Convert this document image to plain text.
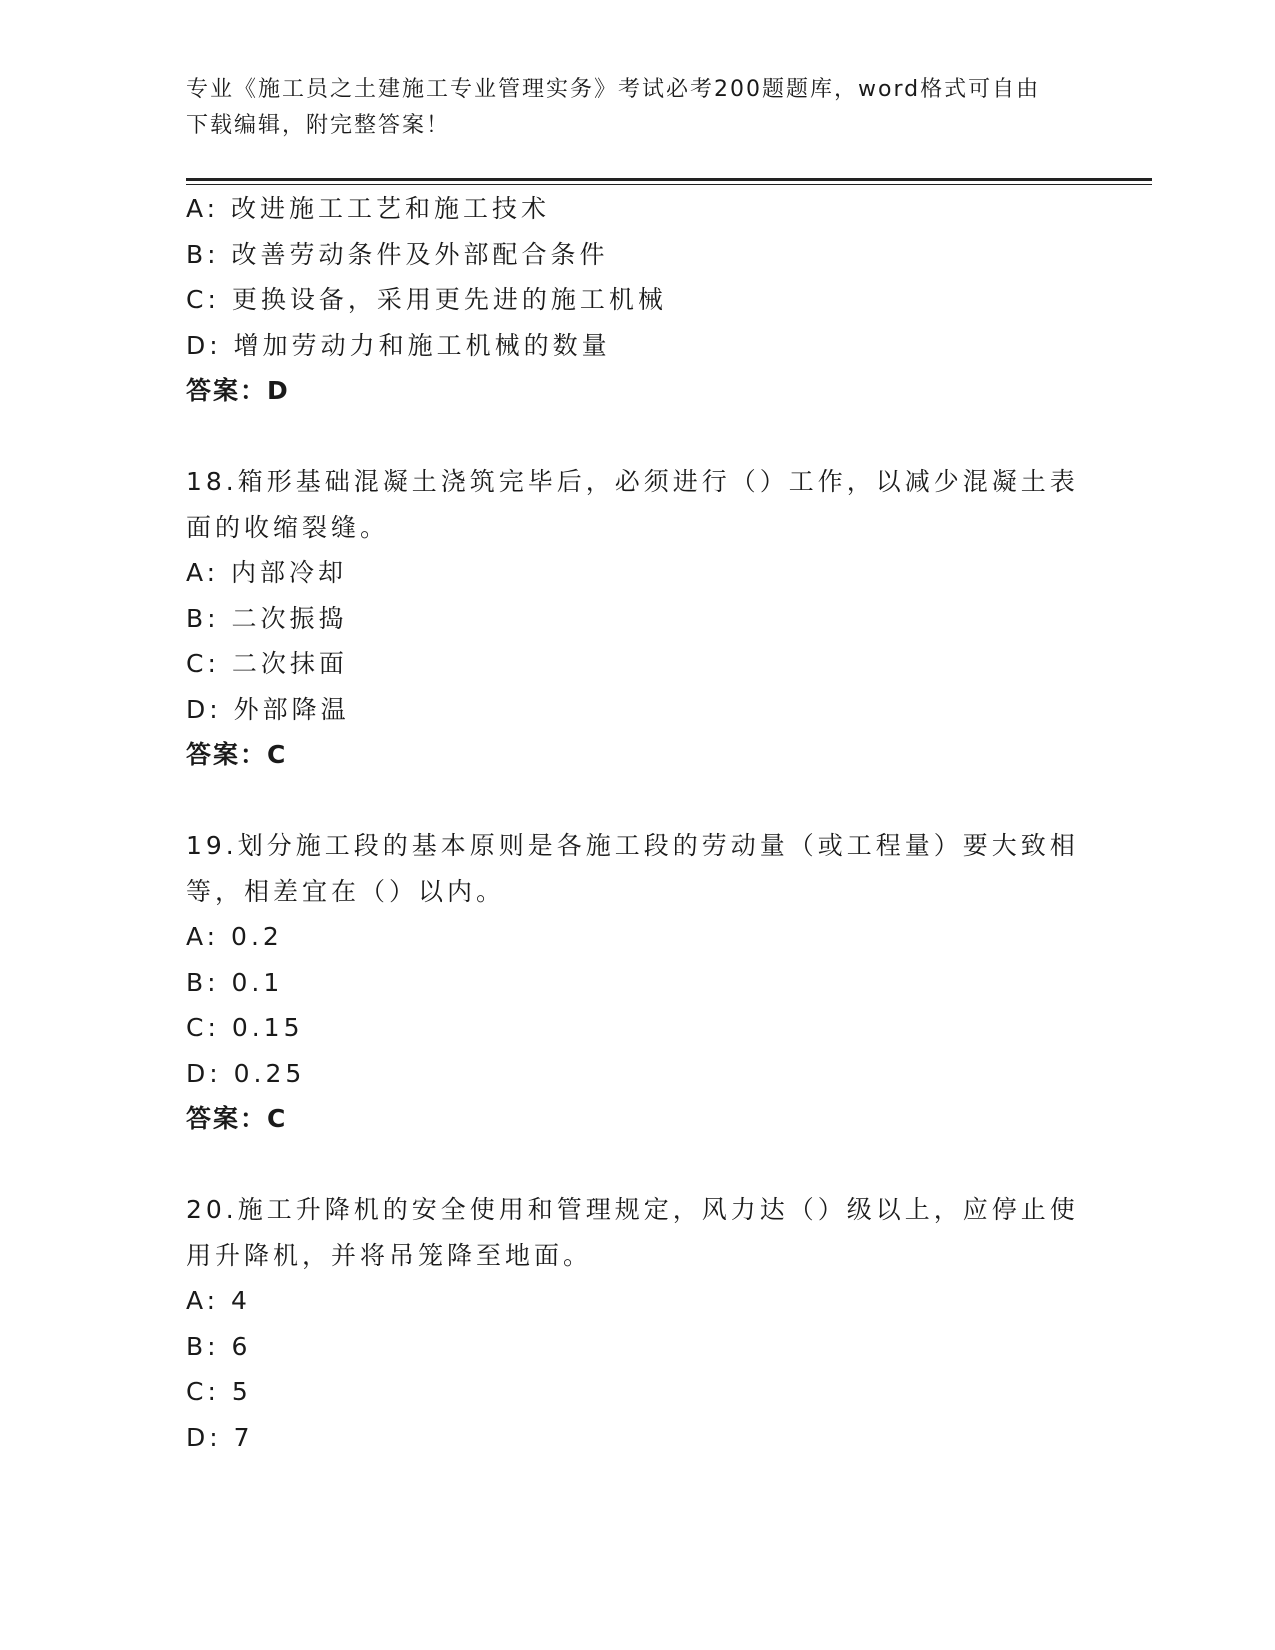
专业《施工员之土建施工专业管理实务》考试必考200题题库，word格式可自由
下载编辑，附完整答案！
A: 改进施工工艺和施工技术
B: 改善劳动条件及外部配合条件
C: 更换设备，采用更先进的施工机械
D: 增加劳动力和施工机械的数量
答案：D
18.箱形基础混凝土浇筑完毕后，必须进行（）工作，以减少混凝土表
面的收缩裂缝。
A: 内部冷却
B: 二次振捣
C: 二次抹面
D: 外部降温
答案：C
19.划分施工段的基本原则是各施工段的劳动量（或工程量）要大致相
等，相差宜在（）以内。
A: 0.2
B: 0.1
C: 0.15
D: 0.25
答案：C
20.施工升降机的安全使用和管理规定，风力达（）级以上，应停止使
用升降机，并将吊笼降至地面。
A: 4
B: 6
C: 5
D: 7
